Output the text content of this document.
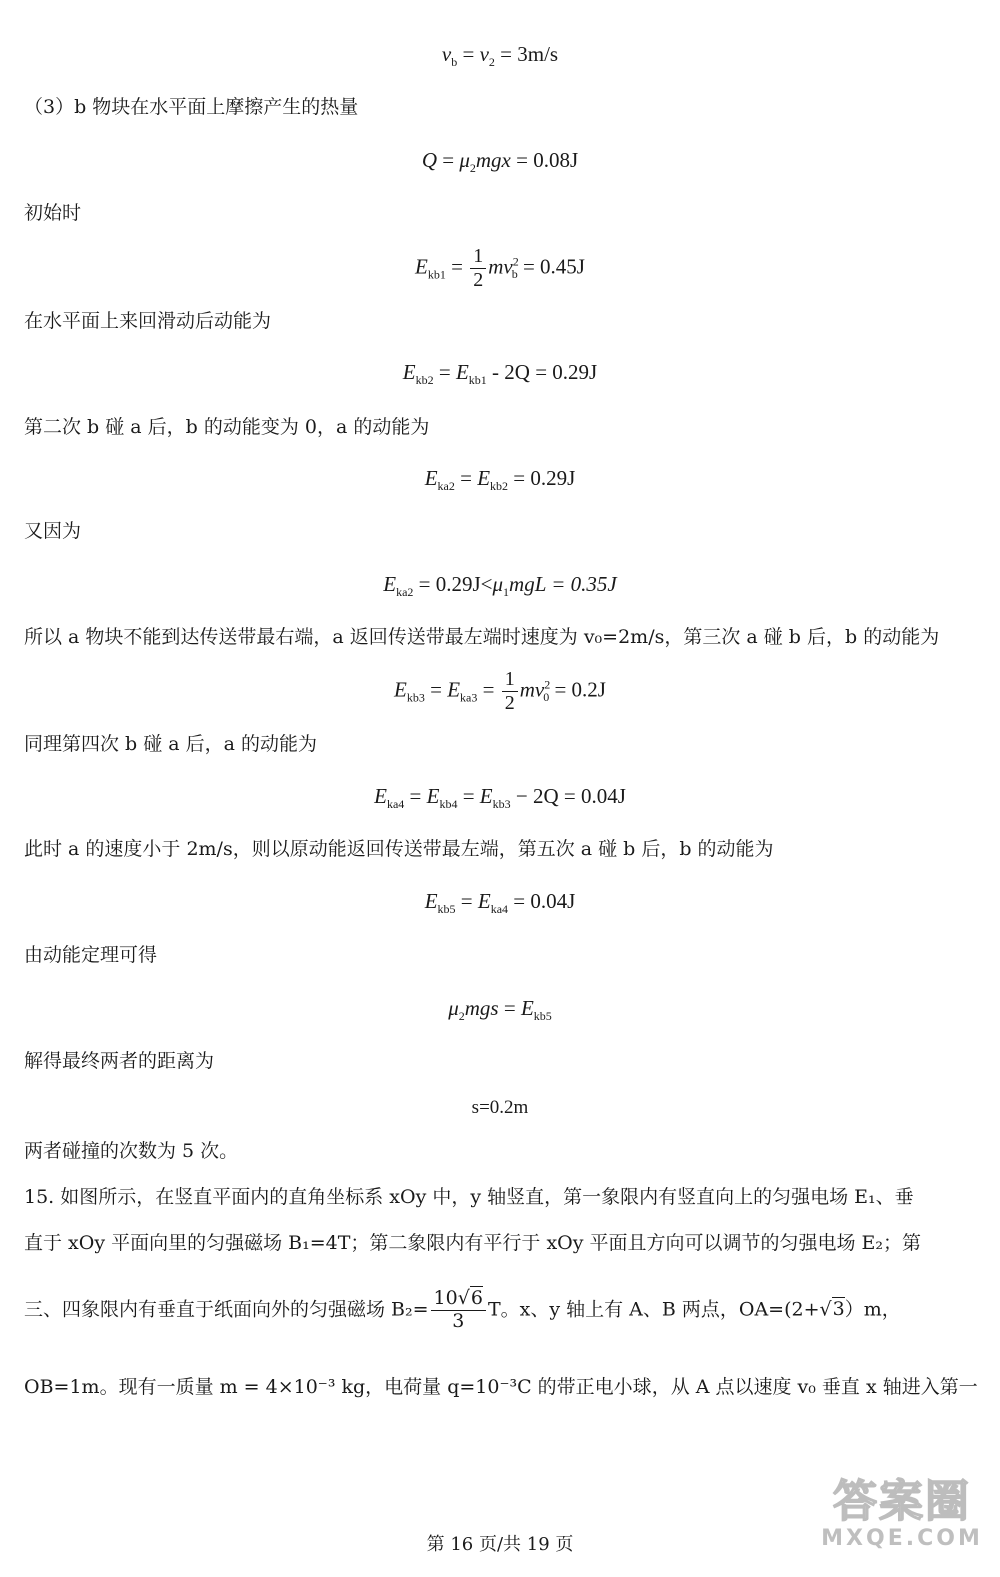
$v_b = v_2 = 3m/s$
（3）b 物块在水平面上摩擦产生的热量
$Q = \mu_2mgx = 0.08J$
初始时
$E_{kb1} = \frac{1}{2} mv^2_b = 0.45J$
在水平面上来回滑动后动能为
$E_{kb2} = E_{kb1} - 2Q = 0.29J$
第二次 b 碰 a 后，b 的动能变为 0，a 的动能为
$E_{ka2} = E_{kb2} = 0.29J$
又因为
$E_{ka2} = 0.29J<\mu_1mgL = 0.35J$
所以 a 物块不能到达传送带最右端，a 返回传送带最左端时速度为 v₀=2m/s，第三次 a 碰 b 后，b 的动能为
$E_{kb3} = E_{ka3} = \frac{1}{2} mv^2_0 = 0.2J$
同理第四次 b 碰 a 后，a 的动能为
$E_{ka4} = E_{kb4} = E_{kb3} - 2Q = 0.04J$
此时 a 的速度小于 2m/s，则以原动能返回传送带最左端，第五次 a 碰 b 后，b 的动能为
$E_{kb5} = E_{ka4} = 0.04J$
由动能定理可得
$\mu_2mgs = E_{kb5}$
解得最终两者的距离为
s=0.2m
两者碰撞的次数为 5 次。
15. 如图所示，在竖直平面内的直角坐标系 xOy 中，y 轴竖直，第一象限内有竖直向上的匀强电场 E₁、垂
直于 xOy 平面向里的匀强磁场 B₁=4T；第二象限内有平行于 xOy 平面且方向可以调节的匀强电场 E₂；第
三、四象限内有垂直于纸面向外的匀强磁场 $B_2= \frac{10√6}{3}$ T。x、y 轴上有 A、B 两点，OA=(2+√3）m，
OB=1m。现有一质量 m = 4×10⁻³ kg，电荷量 q=10⁻³C 的带正电小球，从 A 点以速度 v₀ 垂直 x 轴进入第一
第 16 页/共 19 页
答案圈
MXQE.COM
